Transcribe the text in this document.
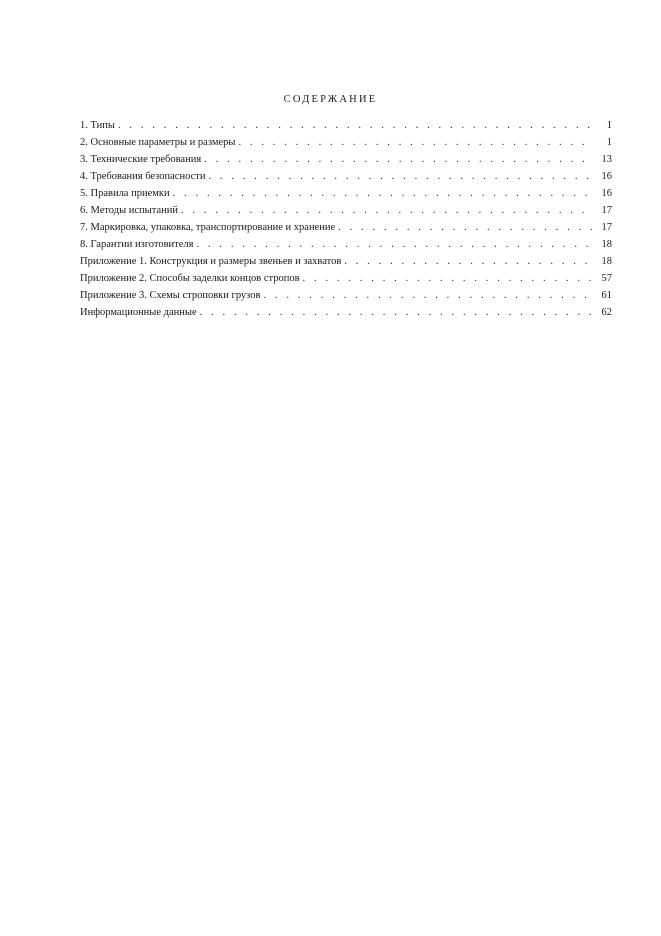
СОДЕРЖАНИЕ
1. Типы . . .	1
2. Основные параметры и размеры . . .	1
3. Технические требования . . .	13
4. Требования безопасности . . .	16
5. Правила приемки . . .	16
6. Методы испытаний . . .	17
7. Маркировка, упаковка, транспортирование и хранение . . .	17
8. Гарантии изготовителя . . .	18
Приложение 1. Конструкция и размеры звеньев и захватов . . .	18
Приложение 2. Способы заделки концов стропов . . .	57
Приложение 3. Схемы строповки грузов . . .	61
Информационные данные . . .	62
